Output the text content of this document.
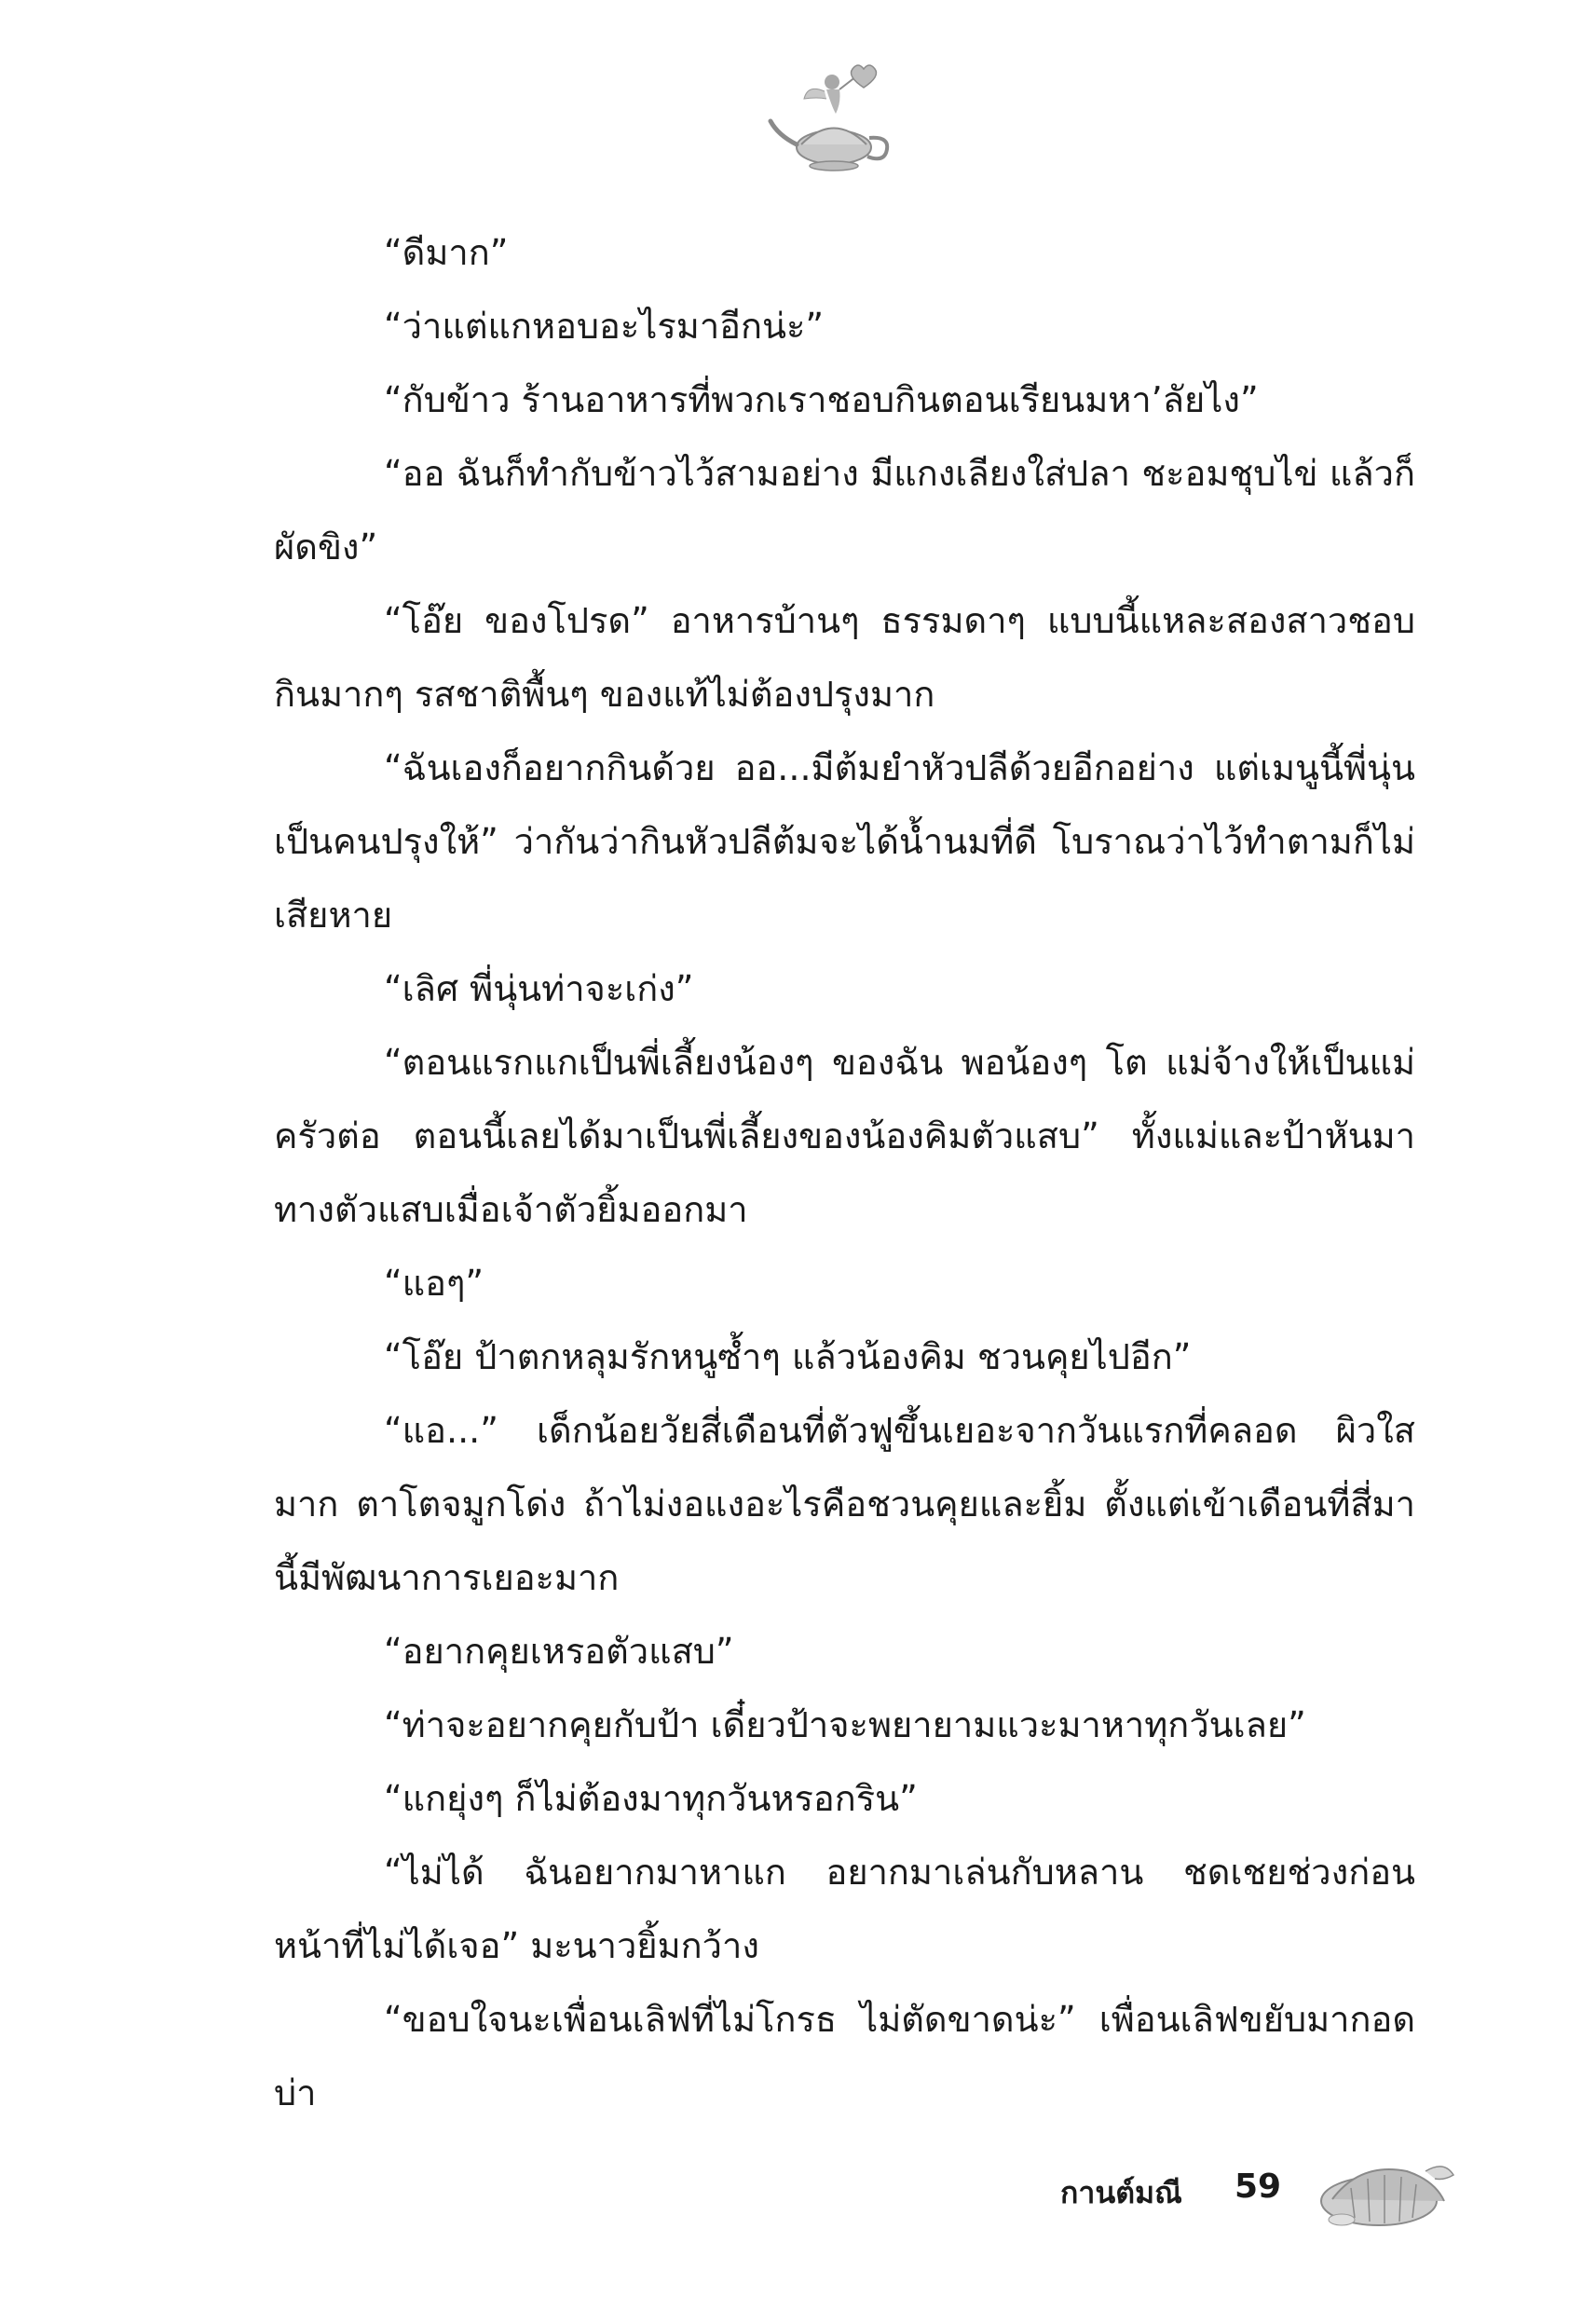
“ดีมาก”

“ว่าแต่แกหอบอะไรมาอีกน่ะ”

“กับข้าว ร้านอาหารที่พวกเราชอบกินตอนเรียนมหา’ลัยไง”

“ออ ฉันก็ทำกับข้าวไว้สามอย่าง มีแกงเลียงใส่ปลา ชะอมชุบไข่ แล้วก็ผัดขิง”

“โอ๊ย ของโปรด” อาหารบ้านๆ ธรรมดาๆ แบบนี้แหละสองสาวชอบกินมากๆ รสชาติพื้นๆ ของแท้ไม่ต้องปรุงมาก

“ฉันเองก็อยากกินด้วย ออ...มีต้มยำหัวปลีด้วยอีกอย่าง แต่เมนูนี้พี่นุ่นเป็นคนปรุงให้” ว่ากันว่ากินหัวปลีต้มจะได้น้ำนมที่ดี โบราณว่าไว้ทำตามก็ไม่เสียหาย

“เลิศ พี่นุ่นท่าจะเก่ง”

“ตอนแรกแกเป็นพี่เลี้ยงน้องๆ ของฉัน พอน้องๆ โต แม่จ้างให้เป็นแม่ครัวต่อ ตอนนี้เลยได้มาเป็นพี่เลี้ยงของน้องคิมตัวแสบ” ทั้งแม่และป้าหันมาทางตัวแสบเมื่อเจ้าตัวยิ้มออกมา

“แอๆ”

“โอ๊ย ป้าตกหลุมรักหนูซ้ำๆ แล้วน้องคิม ชวนคุยไปอีก”

“แอ...” เด็กน้อยวัยสี่เดือนที่ตัวฟูขึ้นเยอะจากวันแรกที่คลอด ผิวใสมาก ตาโตจมูกโด่ง ถ้าไม่งอแงอะไรคือชวนคุยและยิ้ม ตั้งแต่เข้าเดือนที่สี่มานี้มีพัฒนาการเยอะมาก

“อยากคุยเหรอตัวแสบ”

“ท่าจะอยากคุยกับป้า เดี๋ยวป้าจะพยายามแวะมาหาทุกวันเลย”

“แกยุ่งๆ ก็ไม่ต้องมาทุกวันหรอกริน”

“ไม่ได้ ฉันอยากมาหาแก อยากมาเล่นกับหลาน ชดเชยช่วงก่อนหน้าที่ไม่ได้เจอ” มะนาวยิ้มกว้าง

“ขอบใจนะเพื่อนเลิฟที่ไม่โกรธ ไม่ตัดขาดน่ะ” เพื่อนเลิฟขยับมากอดบ่า

กานต์มณี 59
